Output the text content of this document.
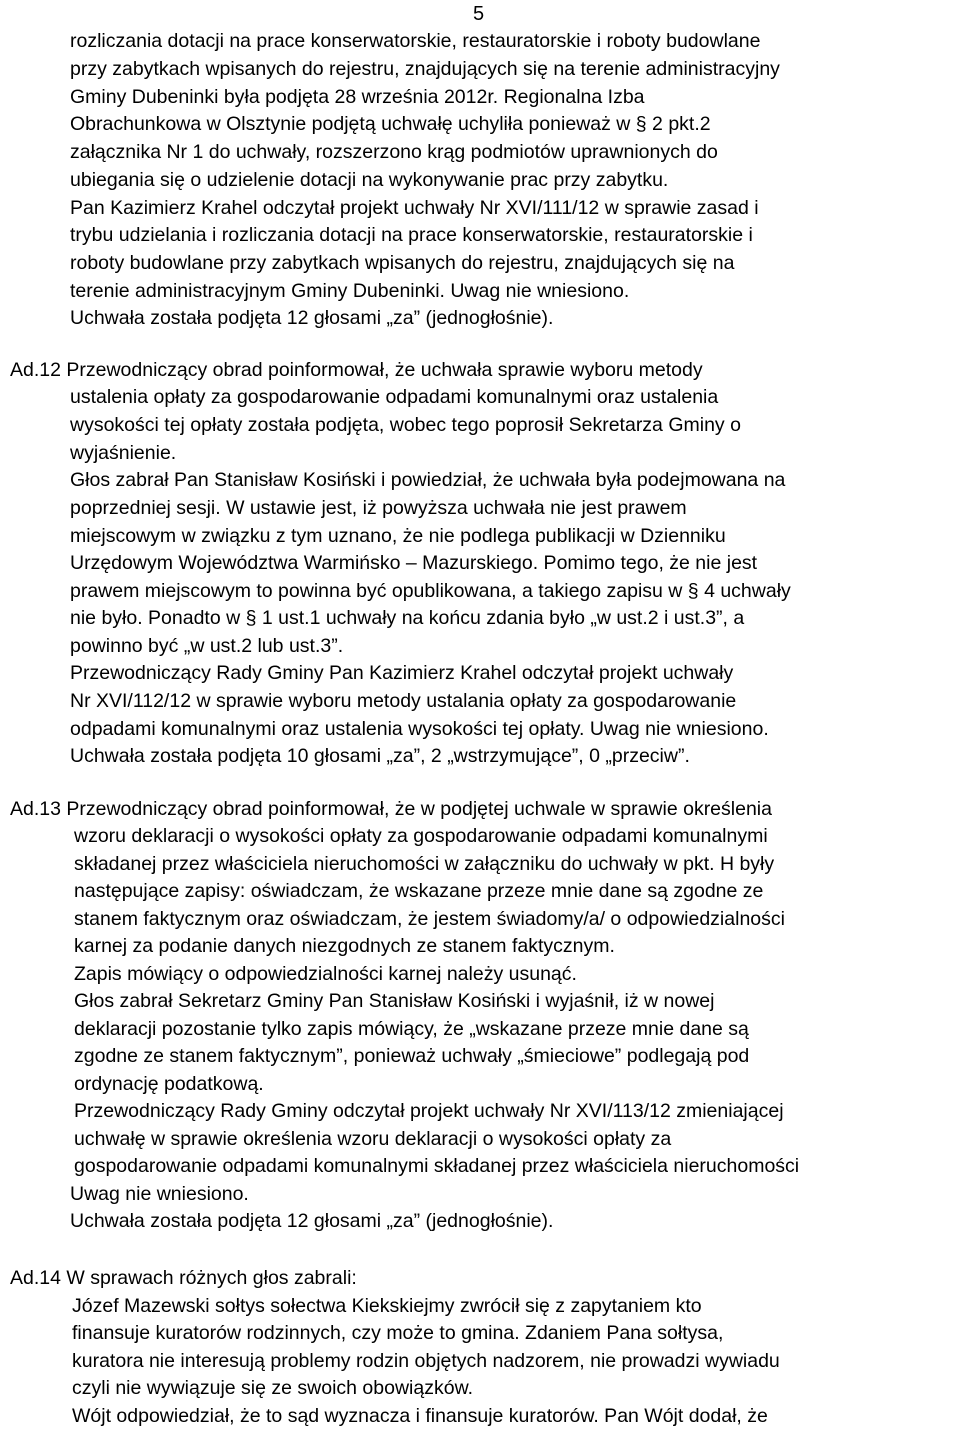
5
rozliczania dotacji na prace konserwatorskie, restauratorskie i roboty budowlane
przy zabytkach wpisanych do rejestru, znajdujących się na terenie administracyjny
Gminy Dubeninki była podjęta 28 września 2012r. Regionalna Izba
Obrachunkowa w Olsztynie podjętą uchwałę uchyliła ponieważ w § 2 pkt.2
załącznika Nr 1 do uchwały, rozszerzono krąg podmiotów uprawnionych do
ubiegania się o udzielenie dotacji na wykonywanie prac przy zabytku.
Pan Kazimierz Krahel odczytał projekt uchwały Nr XVI/111/12 w sprawie zasad i
trybu udzielania i rozliczania dotacji na prace konserwatorskie, restauratorskie i
roboty budowlane przy zabytkach wpisanych do rejestru, znajdujących się na
terenie administracyjnym Gminy Dubeninki. Uwag nie wniesiono.
Uchwała została podjęta 12 głosami „za” (jednogłośnie).
Ad.12 Przewodniczący obrad poinformował, że uchwała sprawie wyboru metody
ustalenia opłaty za gospodarowanie odpadami komunalnymi oraz ustalenia
wysokości tej opłaty została podjęta, wobec tego poprosił Sekretarza Gminy o
wyjaśnienie.
Głos zabrał Pan Stanisław Kosiński i powiedział, że uchwała była podejmowana na
poprzedniej sesji. W ustawie jest, iż powyższa uchwała nie jest prawem
miejscowym w związku z tym uznano, że nie podlega publikacji w Dzienniku
Urzędowym Województwa Warmińsko – Mazurskiego. Pomimo tego, że nie jest
prawem miejscowym to powinna być opublikowana, a takiego zapisu w § 4 uchwały
nie było. Ponadto w § 1 ust.1 uchwały na końcu zdania było „w ust.2 i ust.3”, a
powinno być „w ust.2 lub ust.3”.
Przewodniczący Rady Gminy Pan Kazimierz Krahel odczytał projekt uchwały
Nr XVI/112/12 w sprawie wyboru metody ustalania opłaty za gospodarowanie
odpadami komunalnymi oraz ustalenia wysokości tej opłaty. Uwag nie wniesiono.
Uchwała została podjęta 10 głosami „za”, 2 „wstrzymujące”, 0 „przeciw”.
Ad.13 Przewodniczący obrad poinformował, że w podjętej uchwale w sprawie określenia
wzoru deklaracji o wysokości opłaty za gospodarowanie odpadami komunalnymi
składanej przez właściciela nieruchomości w załączniku do uchwały w pkt. H były
następujące zapisy: oświadczam, że wskazane przeze mnie dane są zgodne ze
stanem faktycznym oraz oświadczam, że jestem świadomy/a/ o odpowiedzialności
karnej za podanie danych niezgodnych ze stanem faktycznym.
Zapis mówiący o odpowiedzialności karnej należy usunąć.
Głos zabrał Sekretarz Gminy Pan Stanisław Kosiński i wyjaśnił, iż w nowej
deklaracji pozostanie tylko zapis mówiący, że „wskazane przeze mnie dane są
zgodne ze stanem faktycznym”, ponieważ uchwały „śmieciowe” podlegają pod
ordynację podatkową.
Przewodniczący Rady Gminy odczytał projekt uchwały Nr XVI/113/12 zmieniającej
uchwałę w sprawie określenia wzoru deklaracji o wysokości opłaty za
gospodarowanie odpadami komunalnymi składanej przez właściciela nieruchomości
Uwag nie wniesiono.
Uchwała została podjęta 12 głosami „za” (jednogłośnie).
Ad.14 W sprawach różnych głos zabrali:
Józef Mazewski sołtys sołectwa Kiekskiejmy zwrócił się z zapytaniem kto
finansuje kuratorów rodzinnych, czy może to gmina. Zdaniem Pana sołtysa,
kuratora nie interesują problemy rodzin objętych nadzorem, nie prowadzi wywiadu
czyli nie wywiązuje się ze swoich obowiązków.
Wójt odpowiedział, że to sąd wyznacza i finansuje kuratorów. Pan Wójt dodał, że
